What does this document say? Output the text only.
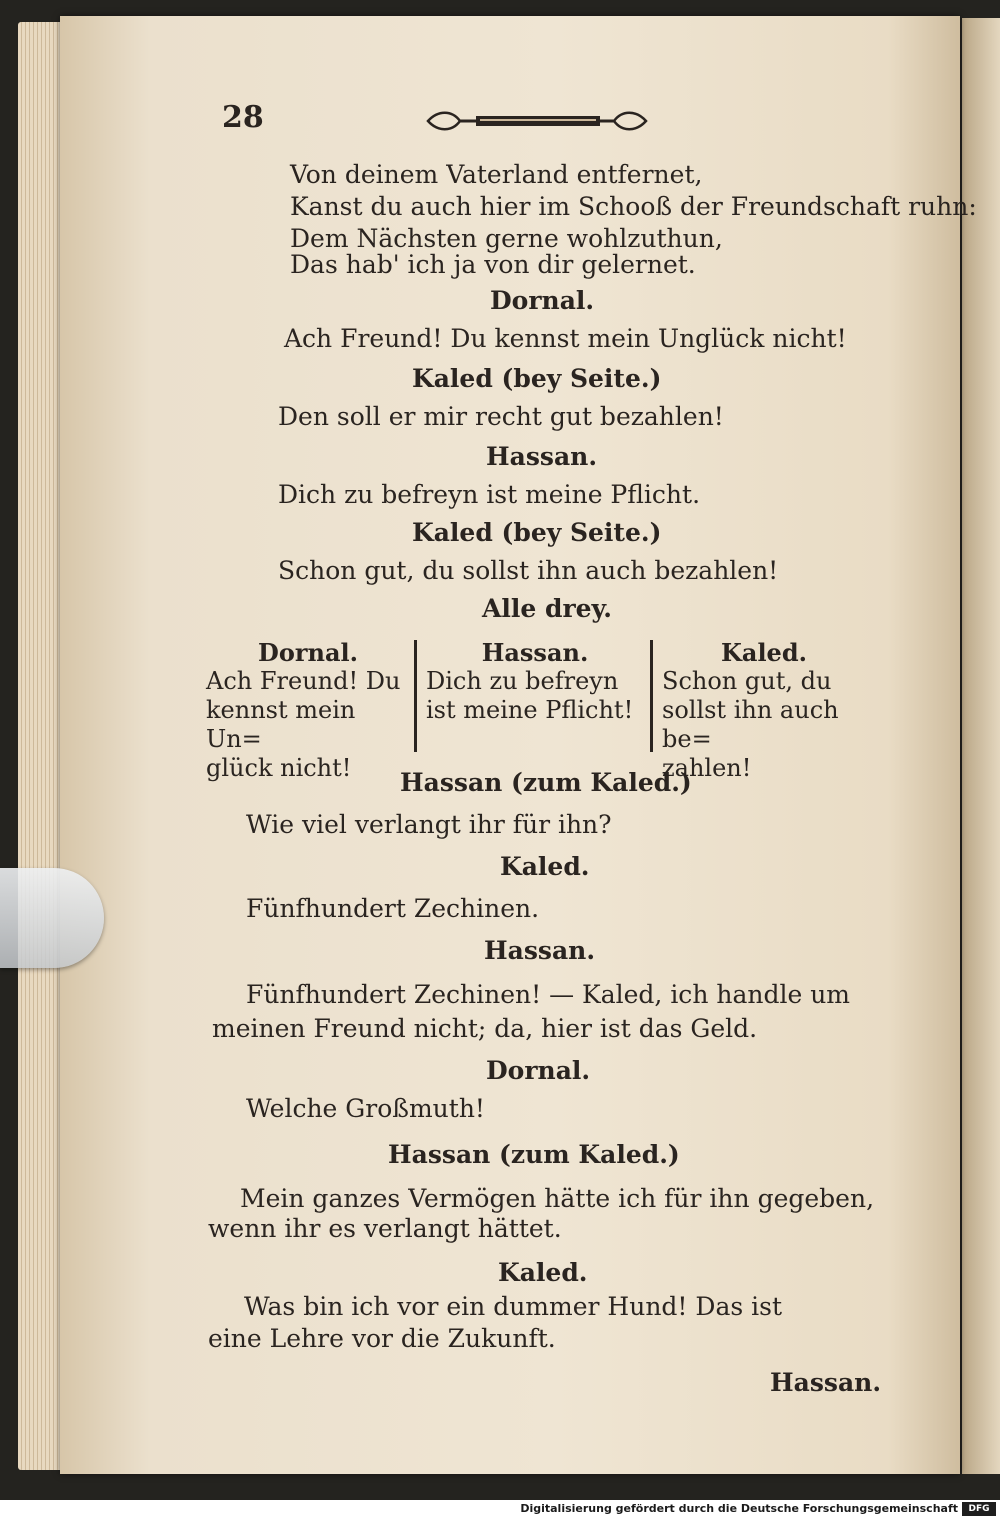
28
Von deinem Vaterland entfernet,
Kanst du auch hier im Schooß der Freundschaft ruhn:
Dem Nächsten gerne wohlzuthun,
Das hab' ich ja von dir gelernet.
Dornal.
Ach Freund! Du kennst mein Unglück nicht!
Kaled (bey Seite.)
Den soll er mir recht gut bezahlen!
Hassan.
Dich zu befreyn ist meine Pflicht.
Kaled (bey Seite.)
Schon gut, du sollst ihn auch bezahlen!
Alle drey.
Dornal.
Ach Freund! Du
kennst mein Un=
glück nicht!
Hassan.
Dich zu befreyn
ist meine Pflicht!
Kaled.
Schon gut, du
sollst ihn auch be=
zahlen!
Hassan (zum Kaled.)
Wie viel verlangt ihr für ihn?
Kaled.
Fünfhundert Zechinen.
Hassan.
Fünfhundert Zechinen! — Kaled, ich handle um
meinen Freund nicht; da, hier ist das Geld.
Dornal.
Welche Großmuth!
Hassan (zum Kaled.)
Mein ganzes Vermögen hätte ich für ihn gegeben,
wenn ihr es verlangt hättet.
Kaled.
Was bin ich vor ein dummer Hund! Das ist
eine Lehre vor die Zukunft.
Hassan.
Digitalisierung gefördert durch die Deutsche Forschungsgemeinschaft	DFG
